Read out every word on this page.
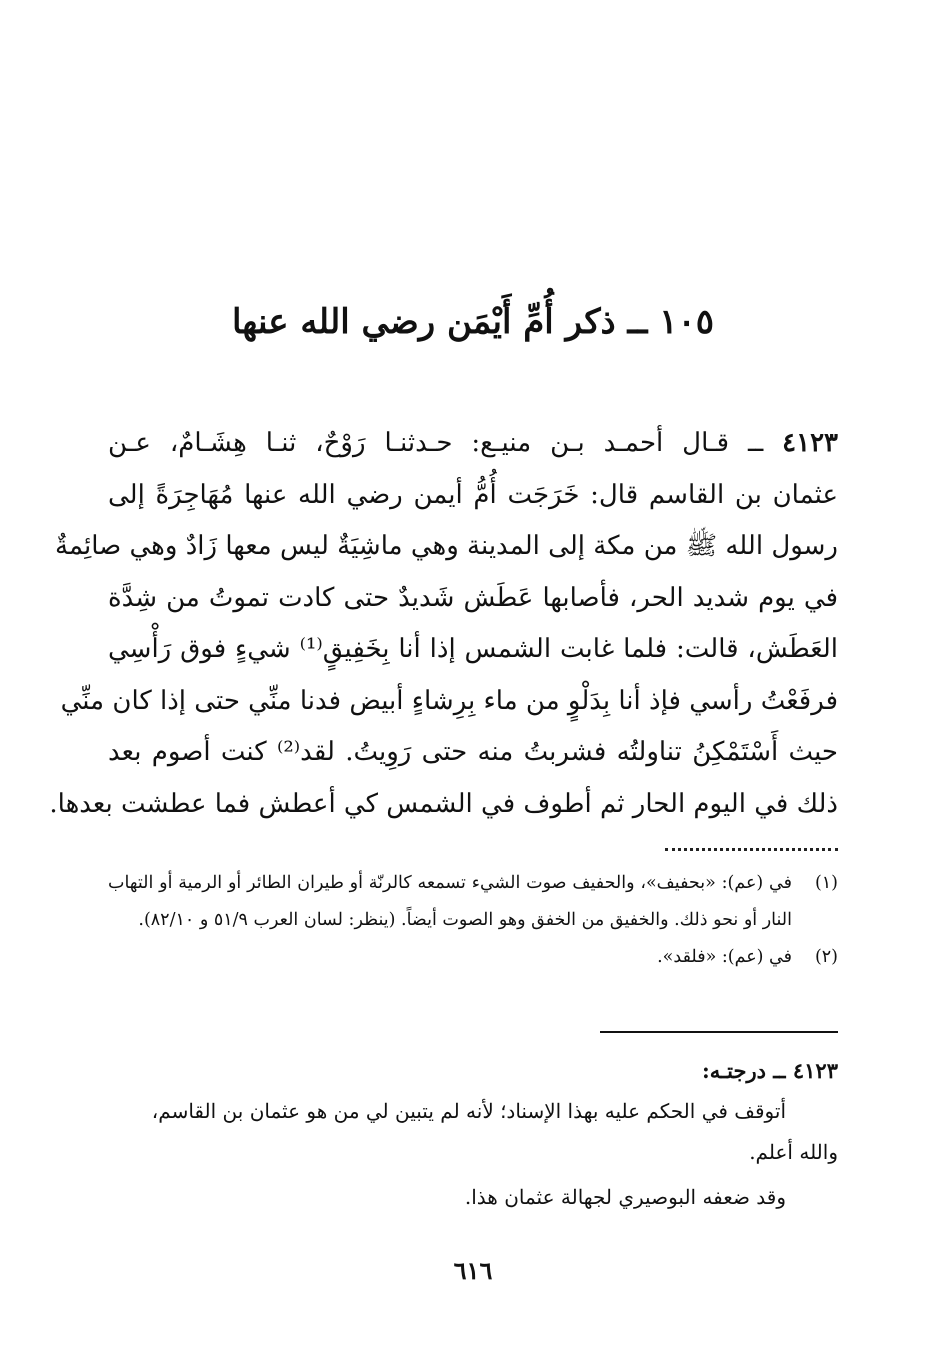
١٠٥ ــ ذكر أُمِّ أَيْمَن رضي الله عنها
٤١٢٣ ــ قـال أحمـد بـن منيـع: حـدثنـا رَوْحٌ، ثنـا هِشَـامٌ، عـن
عثمان بن القاسم قال: خَرَجَت أُمُّ أيمن رضي الله عنها مُهَاجِرَةً إلى
رسول الله ﷺ من مكة إلى المدينة وهي ماشِيَةٌ ليس معها زَادٌ وهي صائِمةٌ
في يوم شديد الحر، فأصابها عَطَش شَديدٌ حتى كادت تموتُ من شِدَّة
العَطَش، قالت: فلما غابت الشمس إذا أنا بِخَفِيقٍ⁽¹⁾ شيءٍ فوق رَأْسِي
فرفَعْتُ رأسي فإذ أنا بِدَلْوٍ من ماء بِرِشاءٍ أبيض فدنا منِّي حتى إذا كان منِّي
حيث أَسْتَمْكِنُ تناولتُه فشربتُ منه حتى رَوِيتُ. لقد⁽²⁾ كنت أصوم بعد
ذلك في اليوم الحار ثم أطوف في الشمس كي أعطش فما عطشت بعدها.
(١)
في (عم): «بحفيف»، والحفيف صوت الشيء تسمعه كالرنّة أو طيران الطائر أو الرمية أو التهاب النار أو نحو ذلك. والخفيق من الخفق وهو الصوت أيضاً. (ينظر: لسان العرب ٥١/٩ و ٨٢/١٠).
(٢)
في (عم): «فلقد».
٤١٢٣ ــ درجتـه:
أتوقف في الحكم عليه بهذا الإسناد؛ لأنه لم يتبين لي من هو عثمان بن القاسم،
والله أعلم.
وقد ضعفه البوصيري لجهالة عثمان هذا.
٦١٦
